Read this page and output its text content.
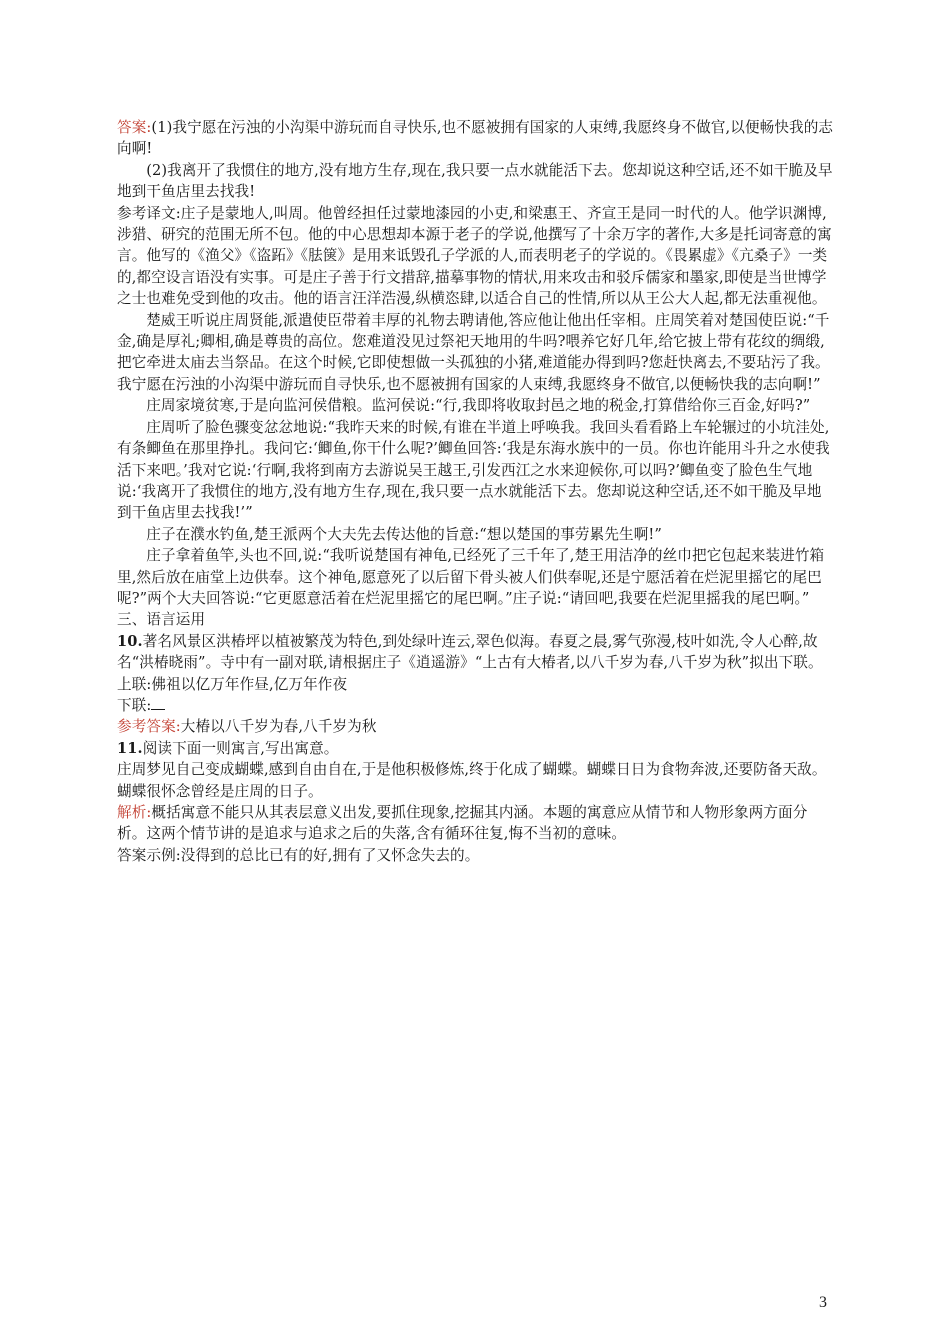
答案:(1)我宁愿在污浊的小沟渠中游玩而自寻快乐,也不愿被拥有国家的人束缚,我愿终身不做官,以便畅快我的志向啊!

(2)我离开了我惯住的地方,没有地方生存,现在,我只要一点水就能活下去。您却说这种空话,还不如干脆及早地到干鱼店里去找我!

参考译文:庄子是蒙地人,叫周。他曾经担任过蒙地漆园的小吏,和梁惠王、齐宣王是同一时代的人。他学识渊博,涉猎、研究的范围无所不包。他的中心思想却本源于老子的学说,他撰写了十余万字的著作,大多是托词寄意的寓言。他写的《渔父》《盗跖》《胠箧》是用来诋毁孔子学派的人,而表明老子的学说的。《畏累虚》《亢桑子》一类的,都空设言语没有实事。可是庄子善于行文措辞,描摹事物的情状,用来攻击和驳斥儒家和墨家,即使是当世博学之士也难免受到他的攻击。他的语言汪洋浩漫,纵横恣肆,以适合自己的性情,所以从王公大人起,都无法重视他。

楚威王听说庄周贤能,派遣使臣带着丰厚的礼物去聘请他,答应他让他出任宰相。庄周笑着对楚国使臣说:“千金,确是厚礼;卿相,确是尊贵的高位。您难道没见过祭祀天地用的牛吗?喂养它好几年,给它披上带有花纹的绸缎,把它牵进太庙去当祭品。在这个时候,它即使想做一头孤独的小猪,难道能办得到吗?您赶快离去,不要玷污了我。我宁愿在污浊的小沟渠中游玩而自寻快乐,也不愿被拥有国家的人束缚,我愿终身不做官,以便畅快我的志向啊!”

庄周家境贫寒,于是向监河侯借粮。监河侯说:“行,我即将收取封邑之地的税金,打算借给你三百金,好吗?”

庄周听了脸色骤变忿忿地说:“我昨天来的时候,有谁在半道上呼唤我。我回头看看路上车轮辗过的小坑洼处,有条鲫鱼在那里挣扎。我问它:‘鲫鱼,你干什么呢?’鲫鱼回答:‘我是东海水族中的一员。你也许能用斗升之水使我活下来吧。’我对它说:‘行啊,我将到南方去游说吴王越王,引发西江之水来迎候你,可以吗?’鲫鱼变了脸色生气地说:‘我离开了我惯住的地方,没有地方生存,现在,我只要一点水就能活下去。您却说这种空话,还不如干脆及早地到干鱼店里去找我!’”

庄子在濮水钓鱼,楚王派两个大夫先去传达他的旨意:“想以楚国的事劳累先生啊!”

庄子拿着鱼竿,头也不回,说:“我听说楚国有神龟,已经死了三千年了,楚王用洁净的丝巾把它包起来装进竹箱里,然后放在庙堂上边供奉。这个神龟,愿意死了以后留下骨头被人们供奉呢,还是宁愿活着在烂泥里摇它的尾巴呢?”两个大夫回答说:“它更愿意活着在烂泥里摇它的尾巴啊。”庄子说:“请回吧,我要在烂泥里摇我的尾巴啊。”

三、语言运用

10.著名风景区洪椿坪以植被繁茂为特色,到处绿叶连云,翠色似海。春夏之晨,雾气弥漫,枝叶如洗,令人心醉,故名“洪椿晓雨”。寺中有一副对联,请根据庄子《逍遥游》“上古有大椿者,以八千岁为春,八千岁为秋”拟出下联。

上联:佛祖以亿万年作昼,亿万年作夜

下联:

参考答案:大椿以八千岁为春,八千岁为秋

11.阅读下面一则寓言,写出寓意。

庄周梦见自己变成蝴蝶,感到自由自在,于是他积极修炼,终于化成了蝴蝶。蝴蝶日日为食物奔波,还要防备天敌。蝴蝶很怀念曾经是庄周的日子。

解析:概括寓意不能只从其表层意义出发,要抓住现象,挖掘其内涵。本题的寓意应从情节和人物形象两方面分析。这两个情节讲的是追求与追求之后的失落,含有循环往复,悔不当初的意味。

答案示例:没得到的总比已有的好,拥有了又怀念失去的。

3
